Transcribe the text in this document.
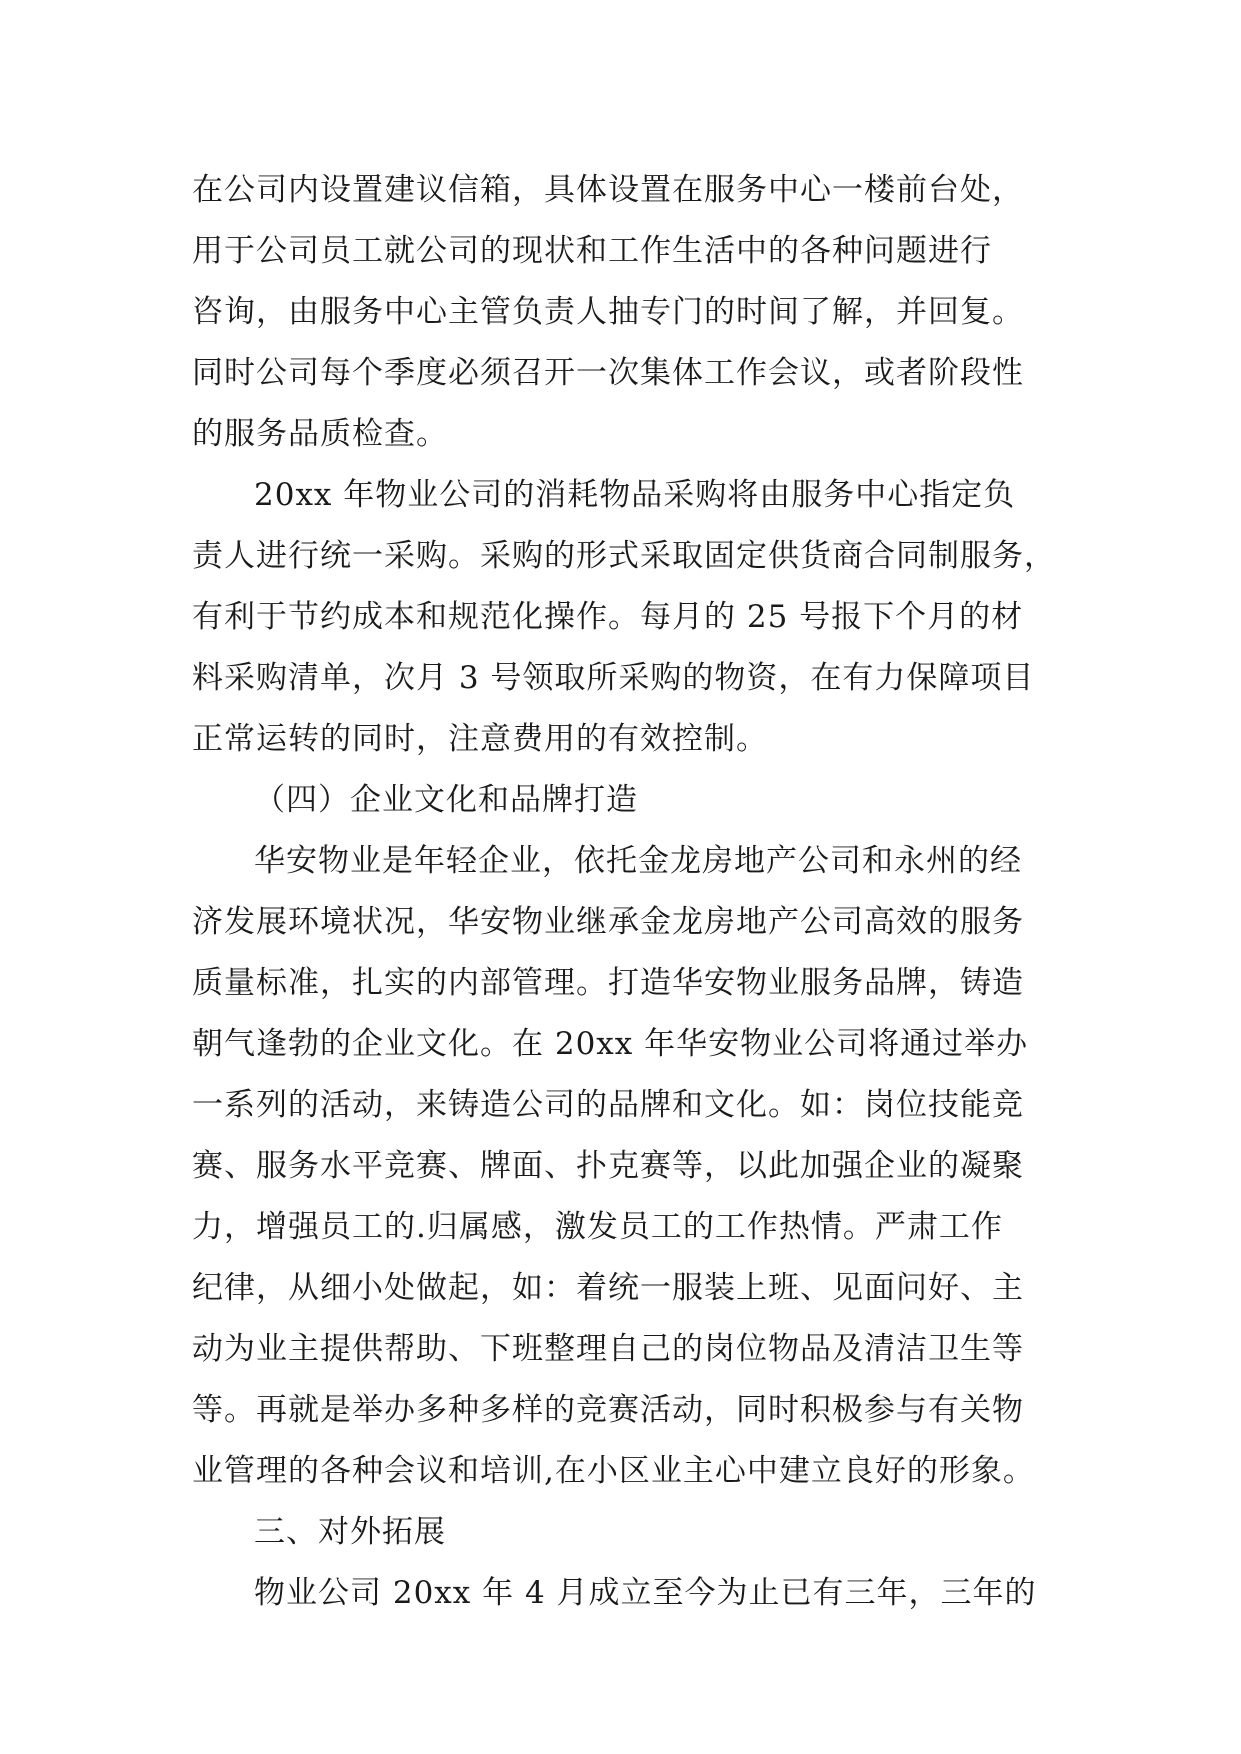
在公司内设置建议信箱，具体设置在服务中心一楼前台处，
用于公司员工就公司的现状和工作生活中的各种问题进行
咨询，由服务中心主管负责人抽专门的时间了解，并回复。
同时公司每个季度必须召开一次集体工作会议，或者阶段性
的服务品质检查。
20xx 年物业公司的消耗物品采购将由服务中心指定负
责人进行统一采购。采购的形式采取固定供货商合同制服务，
有利于节约成本和规范化操作。每月的 25 号报下个月的材
料采购清单，次月 3 号领取所采购的物资，在有力保障项目
正常运转的同时，注意费用的有效控制。
（四）企业文化和品牌打造
华安物业是年轻企业，依托金龙房地产公司和永州的经
济发展环境状况，华安物业继承金龙房地产公司高效的服务
质量标准，扎实的内部管理。打造华安物业服务品牌，铸造
朝气逢勃的企业文化。在 20xx 年华安物业公司将通过举办
一系列的活动，来铸造公司的品牌和文化。如：岗位技能竞
赛、服务水平竞赛、牌面、扑克赛等，以此加强企业的凝聚
力，增强员工的.归属感，激发员工的工作热情。严肃工作
纪律，从细小处做起，如：着统一服装上班、见面问好、主
动为业主提供帮助、下班整理自己的岗位物品及清洁卫生等
等。再就是举办多种多样的竞赛活动，同时积极参与有关物
业管理的各种会议和培训,在小区业主心中建立良好的形象。
三、对外拓展
物业公司 20xx 年 4 月成立至今为止已有三年，三年的
